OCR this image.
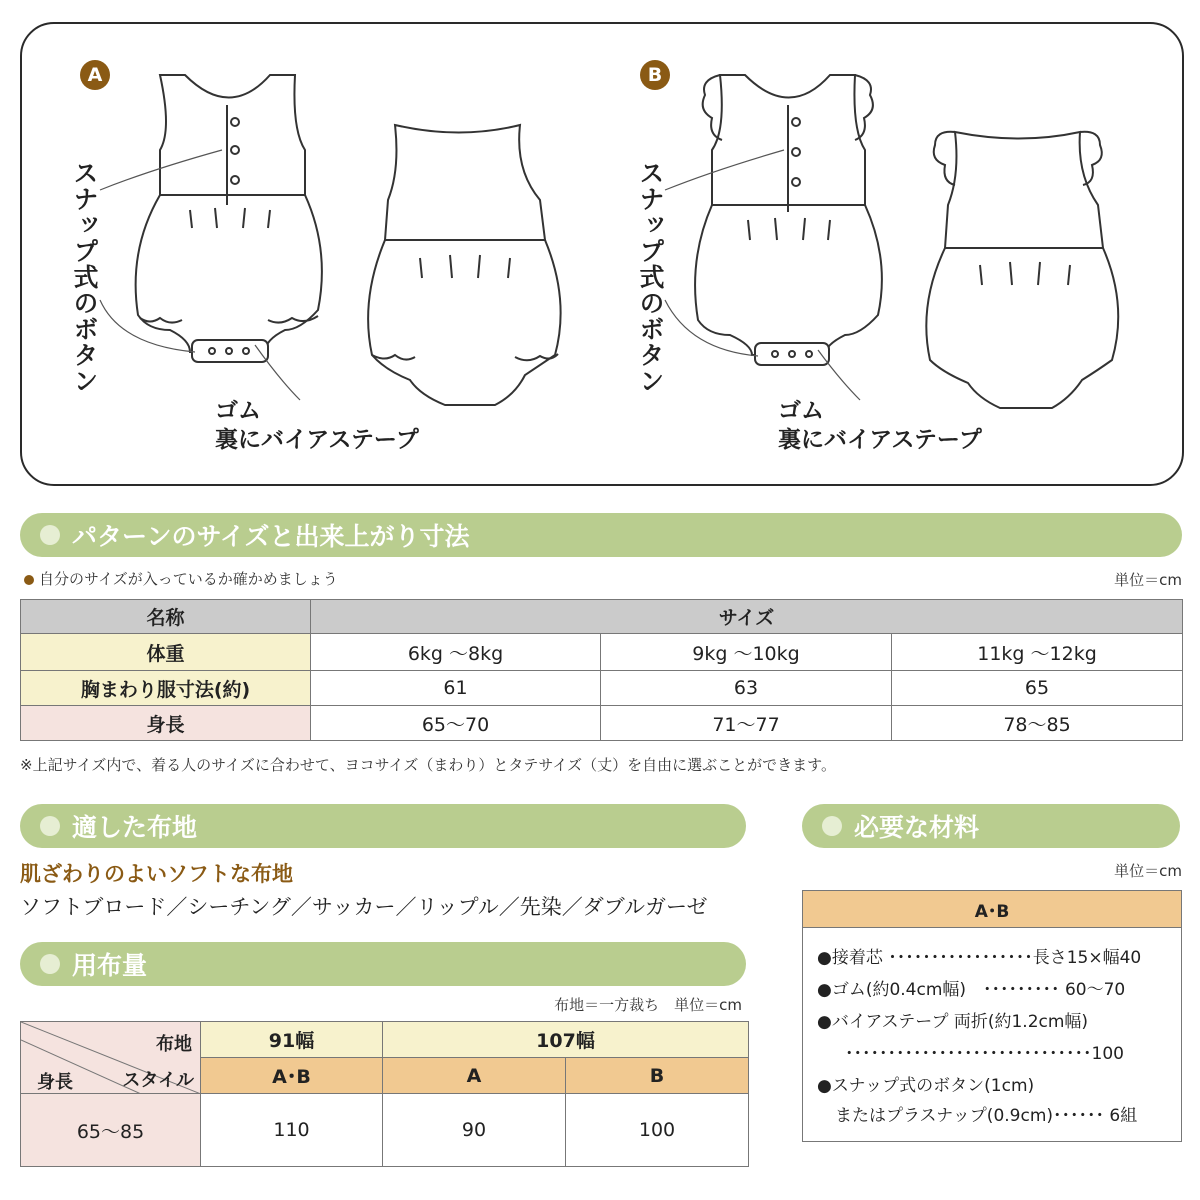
A	B
スナップ式のボタン	スナップ式のボタン
ゴム
裏にバイアステープ
ゴム
裏にバイアステープ
パターンのサイズと出来上がり寸法
自分のサイズが入っているか確かめましょう	単位＝cm
名称	サイズ		
体重	6kg ～8kg	9kg ～10kg	11kg ～12kg
胸まわり服寸法(約)	61	63	65
身長	65～70	71～77	78～85
※上記サイズ内で、着る人のサイズに合わせて、ヨコサイズ（まわり）とタテサイズ（丈）を自由に選ぶことができます。
適した布地
肌ざわりのよいソフトな布地
ソフトブロード／シーチング／サッカー／リップル／先染／ダブルガーゼ
用布量
布地＝一方裁ち　単位＝cm
布地
スタイル
身長	91幅	107幅	
	A･B	A	B
65～85	110	90	100
必要な材料
単位＝cm
A･B
●接着芯 ･････････････････長さ15×幅40
●ゴム(約0.4cm幅)　･････････ 60～70
●バイアステープ 両折(約1.2cm幅)
･････････････････････････････100
●スナップ式のボタン(1cm)
またはプラスナップ(0.9cm)･･････ 6組
